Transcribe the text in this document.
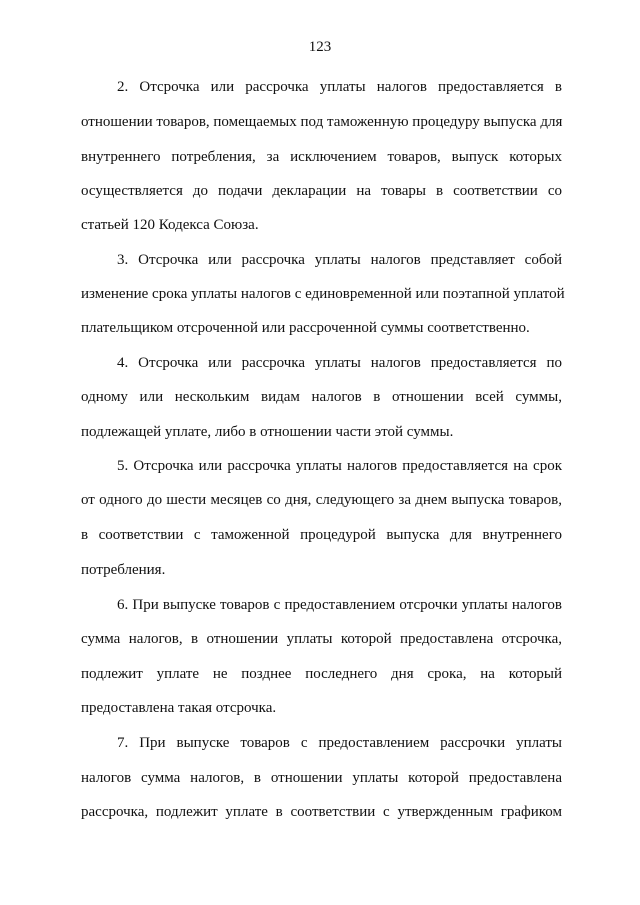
123
2. Отсрочка или рассрочка уплаты налогов предоставляется в
отношении товаров, помещаемых под таможенную процедуру выпуска для
внутреннего потребления, за исключением товаров, выпуск которых
осуществляется до подачи декларации на товары в соответствии со
статьей 120 Кодекса Союза.
3. Отсрочка или рассрочка уплаты налогов представляет собой
изменение срока уплаты налогов с единовременной или поэтапной уплатой
плательщиком отсроченной или рассроченной суммы соответственно.
4. Отсрочка или рассрочка уплаты налогов предоставляется по
одному или нескольким видам налогов в отношении всей суммы,
подлежащей уплате, либо в отношении части этой суммы.
5. Отсрочка или рассрочка уплаты налогов предоставляется на срок
от одного до шести месяцев со дня, следующего за днем выпуска товаров,
в соответствии с таможенной процедурой выпуска для внутреннего
потребления.
6. При выпуске товаров с предоставлением отсрочки уплаты налогов
сумма налогов, в отношении уплаты которой предоставлена отсрочка,
подлежит уплате не позднее последнего дня срока, на который
предоставлена такая отсрочка.
7. При выпуске товаров с предоставлением рассрочки уплаты
налогов сумма налогов, в отношении уплаты которой предоставлена
рассрочка, подлежит уплате в соответствии с утвержденным графиком
